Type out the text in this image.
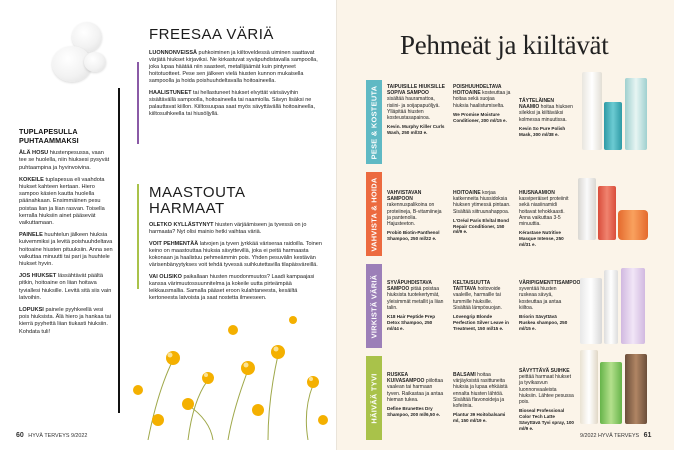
TUPLAPESULLA PUHTAAMMAKSI

ÄLÄ HOSU hiustenpesussa, vaan tee se huolella, niin hiuksesi pysyvät puhtaampina ja hyvinvoivina.

KOKEILE tuplapesua eli vaahdota hiukset kahteen kertaan. Hiero sampoo käsien kautta huolella päänahkaan. Ensimmäinen pesu poistaa lian ja liian rasvan. Toisella kerralla hiuksiin ainet pääsevät vaikuttamaan.

PAINELE huuhtelun jälkeen hiuksia kuivemmiksi ja levitä poishuuhdeltava hoitoaine hiusten pituuksiin. Anna sen vaikuttaa minuutti tai pari ja huuhtele hiukset hyvin.

JOS HIUKSET lässähtävät päältä pitkin, hoitoaine on liian hoitava tyviallesi hiuksille. Levitä sitä siis vain latvoihin.

LOPUKSI paineIe pyyhkeellä vesi pois hiuksista. Älä hiero ja hankaa tai kierrä pyyhettä liian tiukasti hiuksiin. Kohdata tuli!

FREESAA VÄRIÄ

LUONNONVEISSÄ puhkoiminen ja kiiltoveldessä uiminen saattavat värjätä hiukset kirjaviksi. Ne kirkastuvat syväpuhdistavalla sampoolla, joka lupaa häätää niin saasteet, metallijäämät kuin pintyneet hoitotuotteet. Pese sen jälkeen vielä hiusten kunnon mukaisella sampoolla ja hoida poishuuhdeltavalla hoitoaineella.

HAALISTUNEET tai hellastuneet hiukset elvyttät värisävyihin sisältävällä sampoolla, hoitoaineella tai naamiolla. Sävyn lisäksi ne palauttavat kiillon. Kiiltosuupaa saat myös sävyttävällä hoitoaineella, kiiltosuihkeella tai hiusöljyllä.

MAASTOUTA
HARMAAT

OLETKO KYLLÄSTYNYT hiusten värjäämiseen ja tyvessä on jo harmaata? Nyt olisi mainio hetki vaihtaa väriä.

VOIT PEHMENTÄÄ latvojen ja tyven jyrkkää väriseraa raidoilla. Toinen keino on maastouttaa hiuksia sävyttevillä, joka ei peitä harmaasta kokonaan ja haalistuu pehmeämmin pois. Yhden pesuvälin kestävän värisenbänyytykses voit tehdä tyvessä suihkutettavilla tilapäisväreillä.

VAI OLISIKO paikallaan hiusten muodonmuutos? Laadi kampaajasi kanssa värimuutossuunnitelma ja kokeile uutta pirteämpää leikkausmallia. Samalla pääset eroon kulahtaneesta, kesäiltä kertoneesta latvoista ja saat nostetta ilmeeseen.

60 HYVÄ TERVEYS 9/2022
Pehmeät ja kiiltävät
PESE & KOSTEUTA
VAHVISTA & HOIDA
VIRKISTÄ VÄRIÄ
HÄIVÄÄ TYVI

TAIPUISILLE HIUKSILLE SOPIVA SAMPOO sisältää hauramattoa, risiini- ja soijapapuöljyä. Ylläpitää hiusten kosteustasapainoa.

Kevin. Murphy Killer Curls Wash, 250 ml/33 e.

POISHUUHDELTAVA HOITOAINE kosteuttaa ja hoitaa sekä suojaa hiuksia haalistumiselta.

We Promise Moisture Conditioner, 200 ml/15 e.

TÄYTELÄINEN NAAMIO hoitaa hiuksen silekksi ja kiiltäväksi kolmessa minuutissa.

Kevin So Pure Polish Mask, 300 ml/38 e.

VAHVISTAVAN SAMPOON rakennuspalikoina on proteiineja, B-vitamiineja ja pantenolia. Hajusteeton.

Probiö Biotin-Panthenol Shampoo, 250 ml/22 e.

HOITOAINE korjaa katkenneita hiussidoksia hiuksen ytimessä pintaan. Sisältää siitruunahappoa.

L'Oréal Paris Elvital Bond Repair Conditioner, 150 ml/9 e.

HIUSNAAMION kasviperäiset proteiinit sekä niasiinamidi hoitavat tehokkaasti. Anna vaikuttaa 3-5 minuuttia.

Kérastase Nutritive Masque Intense, 250 ml/31 e.

SYVÄPUHDISTAVA SAMPOO pitää poistaa hiuksista tuotekertymät, yleisimmät metallit ja liian talin.

K18 Hair Peptide Prep Detox Shampoo, 250 ml/44 e.

KELTA/SUUTTA TAITTAVA hoitovoide vaaleille, harmaille tai tummille hiuksille. Sisältää lämpösuojan.

Lövengrip Blonde Perfection Silver Leave in Treatment, 150 ml/15 e.

VÄRIPIGMENTTISAMPOO syventää hiusten ruskeaa sävyä, kosteuttaa ja antaa kiiltoa.

Briorin Sävyttävä Ruskea shampoo, 250 ml/15 e.

RUSKEA KUIVASAMPOO piilottaa vaalean tai harmaan tyven. Raikastaa ja antaa hieman tukea.

Define Brunettes Dry Shampoo, 200 ml/6,50 e.

BALSAMI hoitaa värjäyksistä rasittuneita hiuksia ja lupaa ehkäistä ennalta hiusten lähtöä. Sisältää flavonoideja ja kofeiinia.

Plantur 39 Hoitobalsami ml, 150 ml/19 e.

SÄVYTTÄVÄ SUIHKE peittää harmaat hiukset ja tyvikasvun luonnonvaaleista hiuksiin. Lähtee pesussa pois.

Bioseal Professional Color Tech Latte Sävyttävä Tyvi spray, 100 ml/9 e.

9/2022 HYVÄ TERVEYS 61
